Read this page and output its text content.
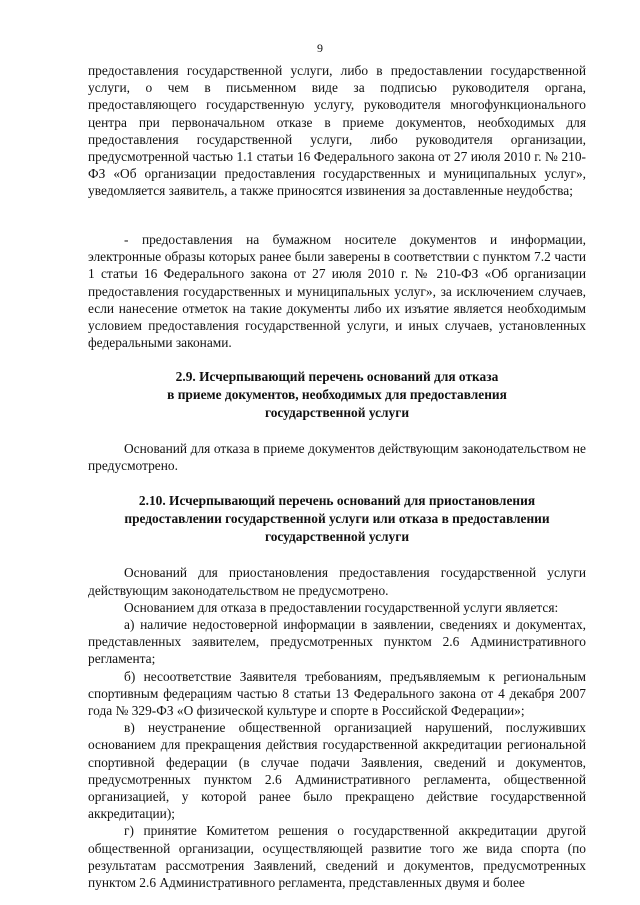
9

предоставления государственной услуги, либо в предоставлении государственной услуги, о чем в письменном виде за подписью руководителя органа, предоставляющего государственную услугу, руководителя многофункционального центра при первоначальном отказе в приеме документов, необходимых для предоставления государственной услуги, либо руководителя организации, предусмотренной частью 1.1 статьи 16 Федерального закона от 27 июля 2010 г. № 210-ФЗ «Об организации предоставления государственных и муниципальных услуг», уведомляется заявитель, а также приносятся извинения за доставленные неудобства;

- предоставления на бумажном носителе документов и информации, электронные образы которых ранее были заверены в соответствии с пунктом 7.2 части 1 статьи 16 Федерального закона от 27 июля 2010 г. № 210-ФЗ «Об организации предоставления государственных и муниципальных услуг», за исключением случаев, если нанесение отметок на такие документы либо их изъятие является необходимым условием предоставления государственной услуги, и иных случаев, установленных федеральными законами.

2.9. Исчерпывающий перечень оснований для отказа
в приеме документов, необходимых для предоставления
государственной услуги

Оснований для отказа в приеме документов действующим законодательством не предусмотрено.

2.10. Исчерпывающий перечень оснований для приостановления
предоставлении государственной услуги или отказа в предоставлении
государственной услуги

Оснований для приостановления предоставления государственной услуги действующим законодательством не предусмотрено.

Основанием для отказа в предоставлении государственной услуги является:

а) наличие недостоверной информации в заявлении, сведениях и документах, представленных заявителем, предусмотренных пунктом 2.6 Административного регламента;

б) несоответствие Заявителя требованиям, предъявляемым к региональным спортивным федерациям частью 8 статьи 13 Федерального закона от 4 декабря 2007 года № 329-ФЗ «О физической культуре и спорте в Российской Федерации»;

в) неустранение общественной организацией нарушений, послуживших основанием для прекращения действия государственной аккредитации региональной спортивной федерации (в случае подачи Заявления, сведений и документов, предусмотренных пунктом 2.6 Административного регламента, общественной организацией, у которой ранее было прекращено действие государственной аккредитации);

г) принятие Комитетом решения о государственной аккредитации другой общественной организации, осуществляющей развитие того же вида спорта (по результатам рассмотрения Заявлений, сведений и документов, предусмотренных пунктом 2.6 Административного регламента, представленных двумя и более
